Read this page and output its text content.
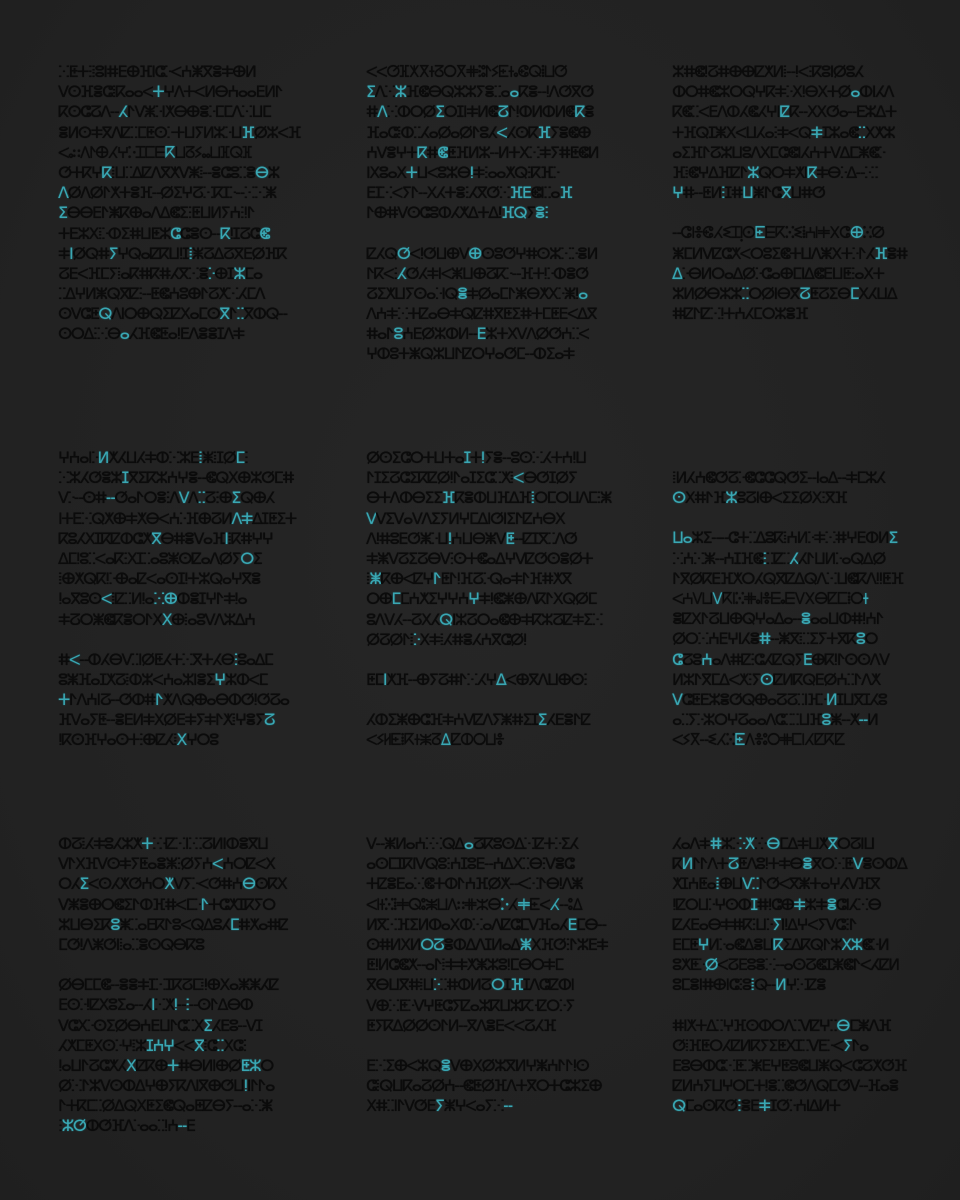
ⵘⵟⵜⵗⵂⵓⵏⵌⴹⴲⴼⵏⵛⴾⵦⵄⵥⴳⴻⵐⴲⵍ
ⴸⵙⴼⴻⵛⵂⴽⴰⴰⵦⵜⵖⴷⵜⵦⵍⴱⵄⴰⴰⴹⵍⵤ
ⴽⵙⵛⵒⴷⵧⵃⵤⴸⵥⴾⵏⵅⴱⴲⴻⴾⵎⵎⴷⵘⵡⵎ
ⴻⵍⵙⵐⴳⴷⵇⵆⵎⵟⵙⴾⵜⵡⵢⵍⵣⴾⵡⴼⵁⵣⵦⴼ
ⵦⴰⵆⴷⵤⴲⵃⵖⴾⵊⵎⴹⴽⵡⵒⵢⴰⴰⵡⴼⵕⴼ
ⵚⵜⴽⵖⴽⵂⵡⵆⵠⵇⴷⴳⵅⴸⵥⵂⵧⴻⵛⵓⵆⴻⴱⵣ
ⴷⵁⴷⵁⵤⵅⵜⴻⴼⵧⵁⵉⵖⵒⵘⴽⵊⴾⵧⵘⵘⵥ
ⵉⴱⴱⴹⵤⵥⴽⴲⴰⴷⵠⵞⵉⵗⵟⵡⵍⵢⵄⵗⵑⵤ
ⵜⴹⵣⵝⵂⴾⵀⵉⵌⵡⵟⵣⵛⵛⴻⵙⵧⴽⵑⵊⵒⵛⵞ
ⵐⵏⵁⵕⵌⵢⵖⵕⴰⵇⴽⵡⵑⵊⵂⵥⵒⵠⵒⴳⴹⵁⴼⴽ
ⵒⴹⵦⴼⵎⵢⵂⴰⴽⵌⴽⵌⵃⴳⵘⴻⴾⴲⵊⵣⵎⴰ
ⵆⵠⵖⵍⵥⵕⴳⵇⵗⵧⵟⵞⵄⵓⴲⵤⵒⵅⵘⵃⵎⴷ
ⵙⴸⵛⵟⵕⴷⵏⵔⴲⵕⵉⵇⵝⴰⵎⵙⴳⵤⵆⴳⵀⵕⵧ
ⵙⵔⵠⵗⵘⴱⴰⵃⴼⵞⵟⴰⵑⴹⴷⴻⴻⵊⴷⵐ
ⵦⵦⵚⴼⵅⴳⵜⵒⵔⴳⵌⵗⵓⵤⵢⵟⵜⴰⵞⵕⵂⵡⵚ
ⵉⴷⵘⵣⴼⵞⴱⵕⵣⵣⵢⴻⵆⴰⴰⴽⴻⵧⵑⴷⵚⴳⵚ
ⵌⴷⵘⵀⵔⵁⵉⵔⵊⵏⵐⵍⵞⵒⵤⵑⵀⵍⵀⵍⵞⴽⴻ
ⴼⴰⵛⵂⵀⵆⵃⴰⵁⴰⵁⵤⵓⵃⵦⵃⵙⴽⴼⵢⴻⵞⴲ
ⵄⴸⴻⵖⵜⴽⵌⵞⵟⴼⵍⵣⵧⵍⵜⵝⵘⵐⵢⵌⵟⵞⵍ
ⵏⵝⵓⴰⵝⵜⵡⵦⵓⵣⴱⵑⵐⵗⴰⴰⵅⵕⵗⴽⴼⴾ
ⴹⵊⵘⵦⵢⵤⵧⵝⵃⵜⴻⵗⵃⴳⵚⵘⴼⴹⵞⵏⵆⴰⴼ
ⵤⴲⵌⴸⵙⵛⵓⵀⵃⵅⵠⵜⵠⵑⴼⵕⵢⴻⵗ
ⵇⵃⵕⵚⵦⵑⵚⵡⴲⴸⴲⵙⵓⵚⵖⵌⵙⵣⵘⴾⴻⵍ
ⵤⴽⵦⵗⵃⵚⵃⵐⵏⵦⵥⵡⴲⵒⴽⴾⵧⴼⵜⵑⴾⵀⴻⵚ
ⵒⵉⵅⵡⵢⵙⴰⴾⵏⵕⴻⵐⵁⴰⵎⵤⵥⴱⵅⵝⴾⵥⵑⴰ
ⴷⵄⵐⵘⵜⵇⴰⴱⵐⵕⵇⵌⴳⵟⵉⵌⵜⵎⵟⴹⵦⵠⴳ
ⵌⴰⵤⵓⵄⴹⵁⵣⵀⵍⵧⴹⵣⵜⵝⴸⴷⵁⵚⵄⵆⵦ
ⵖⵀⵓⵜⵥⵕⵣⵡⵤⵇⵔⵖⴰⵚⵎⵧⵀⵉⴰⵐ
ⵣⵌⵞⵑⵒⵌⴲⴲⵇⵅⵍⵂⵧⵑⵦⵗⴽⵓⵏⵁⵓⵃ
ⵀⵔⵌⵞⵣⵔⵕⵖⴽⵐⴾⵝⵑⴱⵝⵜⵁⴰⵀⵏⵃⴷ
ⴽⵞⵆⵦⴹⴷⵀⵃⵞⵃⵖⵏⵇⴽⵧⵝⵝⵚⴰⵧⴹⵣⵠⵜ
ⵜⴼⵕⵊⵥⵝⵦⵡⵃⴰⵗⵐⵦⵕⵐⵊⵣⴰⵞⵆⵝⵅⵣ
ⴰⵉⴼⵤⵒⵣⵡⵓⴷⵝⵎⵛⵞⵏⵃⵄⵜⴸⵠⵎⵥⵞⴾ
ⴼⵂⵞⵖⵠⴼⵇⵤⵣⵕⵔⵐⵅⵏⴽⵐⴱⴾⵠⵧⴾⵆ
ⵖⵌⵧⵟⵍⵗⵊⵌⵡⵥⵤⵛⴳⵡⵌⵚ
ⵧⵛⵏⴻⵞⵃⵉⵊⵑⵙⵟⴹⴽⵘⵉⵂⵄⵏⵐⵝⵛⴲⵘⵁ
ⵥⵎⵍⴸⵇⵛⵅⵦⵔⵓⵉⵞⵜⵡⴷⵥⵝⵜⴾⵤⵃⴼⴻⵌ
ⵠⴾⴱⵍⵔⴰⵠⵁⴾⵛⴰⴲⵎⵏⵠⵞⴹⵡⵟⵗⴰⵝⵜ
ⵣⵍⵁⴱⵣⵣⵆⵔⵁⵏⴱⴳⵒⵟⵒⵉⴱⵎⵝⵃⵡⵠ
ⵌⵇⵤⵇⵘⵑⵜⵄⵃⵎⵔⵣⴻⴼ
ⵖⵄⴰⵏⴾⵍⵅⵃⵡⵃⵐⵀⵘⵣⴹⵂⵥⵂⵊⵁⵎⵗ
ⵘⵣⵃⵚⴻⵣⵊⴳⵉⴽⵣⵄⵖⴻⵧⵞⵕⵝⴲⵣⵚⵎⵌ
ⴸⴾⵧⵙⵌⵧⵚⴰⵤⵔⴻⵗⴷⴸⴷⵆⵒⵗⴲⵉⵕⴲⵃ
ⵏⵜⴹⵘⵕⵅⴲⵐⵅⴱⵦⵄⴾⴼⴲⵒⵍⴷⵐⵠⵊⵟⵉⵜ
ⴽⵓⵃⵝⵊⴽⵇⵀⵛⵅⴳⴱⵌⴻⴸⴰⴼⵏⵂⴽⵌⵖⵖ
ⵠⵎⵑⵓⵆⵦⴰⴽⵗⵝⵊⵆⴰⵓⵥⵙⵇⴰⴷⵁⵢⵔⵉ
ⵂⴲⵅⵕⴽⵑⴾⴲⴰⵇⵦⴰⵙⵊⵑⵜⵣⵕⴰⵖⴳⴻ
ⵑⴰⴳⵓⵙⵦⵂⵇⵆⵍⵑⴰⵘⴲⵀⴻⵊⵖⵤⵐⵑⴰ
ⵐⵒⵔⵥⵞⴽⴻⵔⵤⵝⵝⴲⵂⴰⵓⴸⴷⵣⵠⵄ
ⵌⵦⵧⵀⵃⴱⴸⵆⵏⵁⵟⵃⵜⵘⴳⵜⵃⴱⵗⵓⴰⵠⵎ
ⵓⵥⴼⴰⵊⵅⵒⵂⵀⵣⵦⵄⴰⵣⵏⴻⵉⵖⵣⵀⵦⵎ
ⵜⵤⴷⵄⵏⵒⵧⵚⵀⵌⵤⵅⴷⵕⴲⴰⴱⵀⵚⵑⵚⵒⴰ
ⴼⴸⴰⵢⵟⵧⴻⴹⵍⵐⵝⵁⴹⵐⵢⵐⵤⵅⵂⵖⴻⵢⵒ
ⵑⴽⵙⴼⵖⴰⵙⵜⵗⴲⵇⵃⵂⵝⵖⵔⵓ
ⵁⵙⵉⵛⵔⵜⵡⵜⴰⵊⵜⵑⵢⴻⵧⵓⵙⵘⵃⵜⵄⵑⵡ
ⵤⵊⵉⵒⵛⵉⴽⵇⵁⵑⵤⴰⵊⵉⵛⵆⵅⵂⵦⴱⵚⵊⵁⵢ
ⴱⵜⴷⵀⴱⵉⵉⴼⴽⴻⵀⵡⴼⵠⴼⵂⵔⵎⵔⵡⴷⵎⵗⵥ
ⴸⴸⵉⴸⴰⴸⴷⵉⵢⵍⵖⵎⵠⵏⵚⵏⵉⵤⵇⵄⴱⵝ
ⴷⵑⵌⵓⴹⵚⵥⴾⵡⵑⵄⵡⴱⵥⴸⵟⵧⵇⵊⴳⵆⴷⵚ
ⵐⵥⴸⵒⵉⵒⴱⴸⵗⵙⵜⵞⴰⵠⵖⴸⵇⵚⵙⴻⵁⵜ
ⵂⵥⴽⴲⵦⵇⵖⵤⵟⵤⵑⴼⵒⴾⵕⴰⵐⵤⴼⵌⵅⴳ
ⵔⴲⵎⵎⵄⵅⵉⵖⵖⵄⵖⵐⵑⵞⵥⴲⴷⴽⵤⵝⵕⵁⵎ
ⵓⴷⴸⵃⵧⵒⵝⵃⵕⵏⵣⵒⵔⴰⵞⴲⵐⴽⵣⵒⵇⵐⵉⵘ
ⵁⵒⵁⵤⵂⴾⵝⵐⵂⵃⵌⴻⵃⵄⴳⵛⵁⵑ
ⵟⵎⵏⵅⴼⵧⴲⵢⵒⵌⵤⵘⵃⵖⵠⵦⴲⴳⴷⵡⴲⵙⵗ
ⵃⵀⵉⵥⴲⵛⴼⵐⵄⴸⵇⴷⵢⵥⵌⵉⵊⵉⵃⴹⴻⵤⵇ
ⵦⵢⵍⵟⵂⴽⵜⵥⵒⵠⵇⵀⵔⵡⴻ
ⵂⵍⵃⵄⵞⵚⵒⴾⵞⵛⵛⵕⵚⵉⵧⵏⴰⵠⵧⵐⵎⵣⵃ
ⵙⵝⵌⵤⴼⵣⵓⵒⵏⴲⵦⵉⵉⵁⵝⵗⴳⴼ
ⵡⴰⵣⵉⵧⵧⵛⵜⵆⵠⵓⴽⵂⵄⵍⴾⵐⵘⵌⵖⴹⵀⵍⵉ
ⵘⵄⵘⵥⵧⵄⵊⴼⵞⵗⵆⵇⵆⵃⵃⵤⵡⵍⴾⴰⵕⵠⵁ
ⵤⴳⵁⴽⴹⴼⵅⵔⵃⵕⴳⵇⵠⵕⴷⵘⵡⵞⴽⴷⵑⵑⵟⴼ
ⵦⵄⴸⵡⴸⴽⵏⵘⵌⴰⵏⴻⴹⴰⴹⴸⵝⴱⵇⵎⵂⵔⵜ
ⴻⵇⵝⵤⵒⵡⴲⵕⵖⴰⵠⴰⵧⴻⴰⴰⵡⵀⵌⵑⵄⵤ
ⵁⵔⵘⵄⴹⵖⵏⵃⴻⵌⵧⵥⴳⵂⵆⵉⵢⵜⴳⴽⵓⵔ
ⵛⵒⵓⵄⴰⴷⵌⵇⵗⵛⵃⵇⵕⵢⴹⴲⴽⵑⵤⵙⵙⴷⴸ
ⵍⵣⵤⴳⵎⵠⵦⵅⵗⵢⵙⵇⵍⴽⵕⴹⵁⵄⵆⵤⴷⵅ
ⴸⵛⵟⴹⵣⴻⵚⵕⴲⴰⵒⵒⵆⵏⴼⴾⵍⵊⵡⴳⵊⵃⵓ
ⴰⵆⵢⴾⵣⵔⵖⵒⴰⴰⴷⵛⵆⵆⵡⴼⵓⵥⵧⵅⵧⵍ
ⵦⵢⴳⵧⵉⵃⵘⵟⴷⴻⵓⵔⵌⵎⵏⵃⵇⴽⵇ
ⵀⵒⵂⵃⵐⵓⵃⵣⵅⵜⴾⴾⵇⵘⵏⴾⵆⵒⵍⵏⵀⴻⴳⵡ
ⴸⵤⵝⴼⴸⵙⵐⵢⵟⴰⴻⵥⵗⵁⵢⵄⵦⵄⵔⵇⵦⵝ
ⵔⵃⵉⵦⵙⵃⵅⵚⵄⵔⵅⴸⵢⴾⵦⵚⵌⵄⴱⵙⴽⵝ
ⴸⵥⴻⴲⵔⵞⵉⵤⵀⴼⵌⵦⵎⴾⵤⵜⵛⵅⵊⴽⵢⵔ
ⵣⵡⴱⵉⴽⵓⵥⵆⴰⴹⴽⵤⵓⵦⵕⵠⵓⵃⵎⵌⵅⴰⵌⵇ
ⵎⵚⵑⴷⵥⵚⵏⵂⴰⵆⴻⵙⵕⴱⴽⵓ
ⵁⴱⵎⵎⵞⵧⴻⴻⵐⵊⵘⵊⴽⵒⵎⵂⵑⴲⵝⴰⵥⵥⵃⵇ
ⴹⵙⴾⵑⵇⵝⵓⵉⴰⵧⵃⵏⵘⵅⵑⵧⵗⵧⵙⵤⵠⴱⵀ
ⴸⵛⵝⴾⵙⵉⵁⴱⵄⴹⵡⵤⵛⵆⵝⵉⵃⴹⵓⵧⴸⵊ
ⵃⵅⵎⵟⵝⵙⴾⵖⵂⵣⵊⵄⵖⵦⵦⴳⵂⵛⵆⵝⵛⵗ
ⵑⴰⵡⵤⵒⵛⵅⵃⵝⵇⴽⴲⵜⵌⴱⵍⵏⴲⵁⵟⵣⵔ
ⵁⵘⵤⵣⴸⵙⵀⵠⵖⴲⵢⴽⴷⵏⴳⴲⵚⵡⵑⵏⵤⵤⴰ
ⵤⵜⴽⵎⵆⵁⵠⵕⵝⵟⵉⵞⵕⴰⵟⵇⴱⵢⵧⴰⵘⵥ
ⵗⵣⵚⵀⵚⴼⴷⴾⴰⴰⵆⵑⵄⵧⴹ
ⴸⵧⵥⵍⴰⵄⴾⵘⵕⵠⴰⵒⴽⵓⵙⵠⵘⵇⵜⴾⵉⵃ
ⴰⵙⵎⵊⴽⵏⴸⵕⵓⵗⵄⵊⵓⴹⵧⵄⵠⵝⵆⴱⵗⴸⴻⵛ
ⵜⵇⴻⴹⴰⵘⵞⵜⵀⵤⵄⴼⵁⵅⵧⵦⵘⵤⴱⵑⴷⵥ
ⵦⵏⵜⵘⵂⵐⵕⵓⵥⵡⴷⵆⵌⵣⴱⴾⵃⵐⵟⵦⵃⵧⵓⵠ
ⵍⴳⵘⴼⵉⵍⵀⴰⵝⵀⵘⴰⴷⵇⵛⵎⴸⴼⴰⵃⴹⵎⴱⵧ
ⵙⵌⵍⵝⵍⵔⵒⴻⵀⵠⴷⵊⵍⴰⵠⵥⵝⴼⵚⵗⵤⵣⴹⵐ
ⵟⵑⵍⵛⵞⵅⵧⴰⵤⵂⵐⵐⵅⵥⵣⵓⵑⵎⴱⵔⵐⵎ
ⴳⴱⵡⴳⵌⵂⵡⴾⵆⵌⵀⵍⵒⵔⵊⴼⵊⴷⵛⵇⵀⵏ
ⴸⴲⵘⵟⴾⴸⵖⵟⵛⵢⵇⴰⵣⴽⵡⵣⴽⴾⵇⵔⴾⵢ
ⵟⵢⴽⵠⵁⵁⵙⵤⵍⵧⴳⴷⴻⴹⵦⵦⵒⵃⴼ
ⴹⵘⵉⴲⵦⵣⵕⴻⴸⴲⵝⵁⵣⴳⵍⵖⵥⵄⵤⵤⵑⵙ
ⵛⵂⵕⵡⴽⴰⵒⵁⵄⵧⵞⵟⵁⴼⴷⵜⴳⵔⵜⵛⵣⵉⴲ
ⵝⵌⵆⵏⵤⴸⵚⴹⵢⵥⵖⵦⴰⵢⵘⵧ
ⵃⴰⴷⵐⵌⵣⴾⴾⵅⴾⴾⴱⵎⵠⵐⵡⵅⴳⵔⵒⵏⵡ
ⴽⵍⵤⵤⴷⵜⵒⵟⴷⵓⵑⵜⵐⴱⴻⴳⵔⵘⵟⴸⴻⵙⵀⵠ
ⵅⵊⵄⵟⴰⵂⴲⵡⴸⵆⵤⵚⵦⴳⵥⵜⴰⵖⵃⴸⴼⴳ
ⵑⵇⵔⵡⴾⵖⵙⵀⵊⵌⵑⵛⴲⵐⵣⵐⴻⵛⵏⵃⵘⴱ
ⵇⵃⴹⴰⴱⵐⵌⴽⵗⵡⴾⵢⵏⵑⵠⵖⵦⵢⴸⵛⵗⵤ
ⴹⵎⵟⵖⵍⴾⴰⵞⵠⴻⵡⴽⵉⵠⴽⵕⵤⵣⵝⵣⵞⴾⵍ
ⵓⵅⵟⴾⵁⵦⵒⴹⵓⴻⵘⵧⴰⵙⵒⵞⵊⵥⵞⵤⵦⵃⵇⵍ
ⵓⵎⴻⵏⵌⴲⵏⵛⵗⵓⵂⵕⵧⵍⵖⵘⵇⴻ
ⵌⵏⵅⵜⵠⵆⵖⴼⵙⵀⵔⴷⵆⴸⵇⵖⵆⴱⵎⵥⴷⴼ
ⵚⵂⴼⵟⵔⵃⵇⵍⴽⵢⵉⵟⵝⵊⵆⴸⴹⴾⵦⵢⵤⴰ
ⴹⵓⴱⵀⵛⵘⵟⵆⵥⴹⵖⵟⵓⵞⵡⵥⵕⵦⵛⵒⵅⵚⴼ
ⵇⵍⵄⵢⵡⵖⵔⵎⵜⵑⴻⵆⵞⵚⴷⵕⵎⵚⴸⵧⴼⴰⴻ
ⵕⵎⴰⵙⴽⵚⵗⴻⴹⵐⵊⵚⴾⵄⵏⵠⵍⵜ
